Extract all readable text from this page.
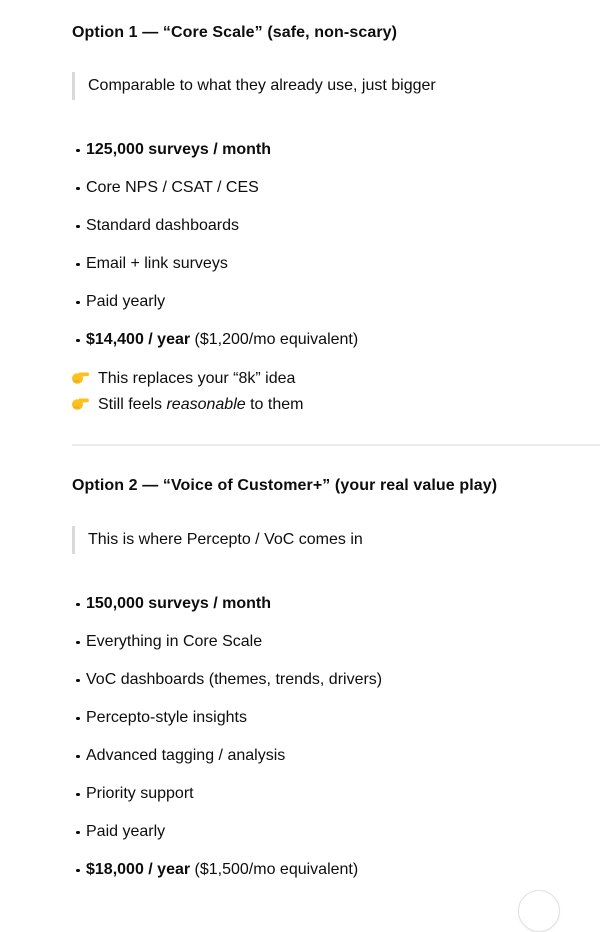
Option 1 — “Core Scale” (safe, non-scary)

Comparable to what they already use, just bigger

125,000 surveys / month
Core NPS / CSAT / CES
Standard dashboards
Email + link surveys
Paid yearly
$14,400 / year ($1,200/mo equivalent)

This replaces your “8k” idea
Still feels reasonable to them

Option 2 — “Voice of Customer+” (your real value play)

This is where Percepto / VoC comes in

150,000 surveys / month
Everything in Core Scale
VoC dashboards (themes, trends, drivers)
Percepto-style insights
Advanced tagging / analysis
Priority support
Paid yearly
$18,000 / year ($1,500/mo equivalent)
